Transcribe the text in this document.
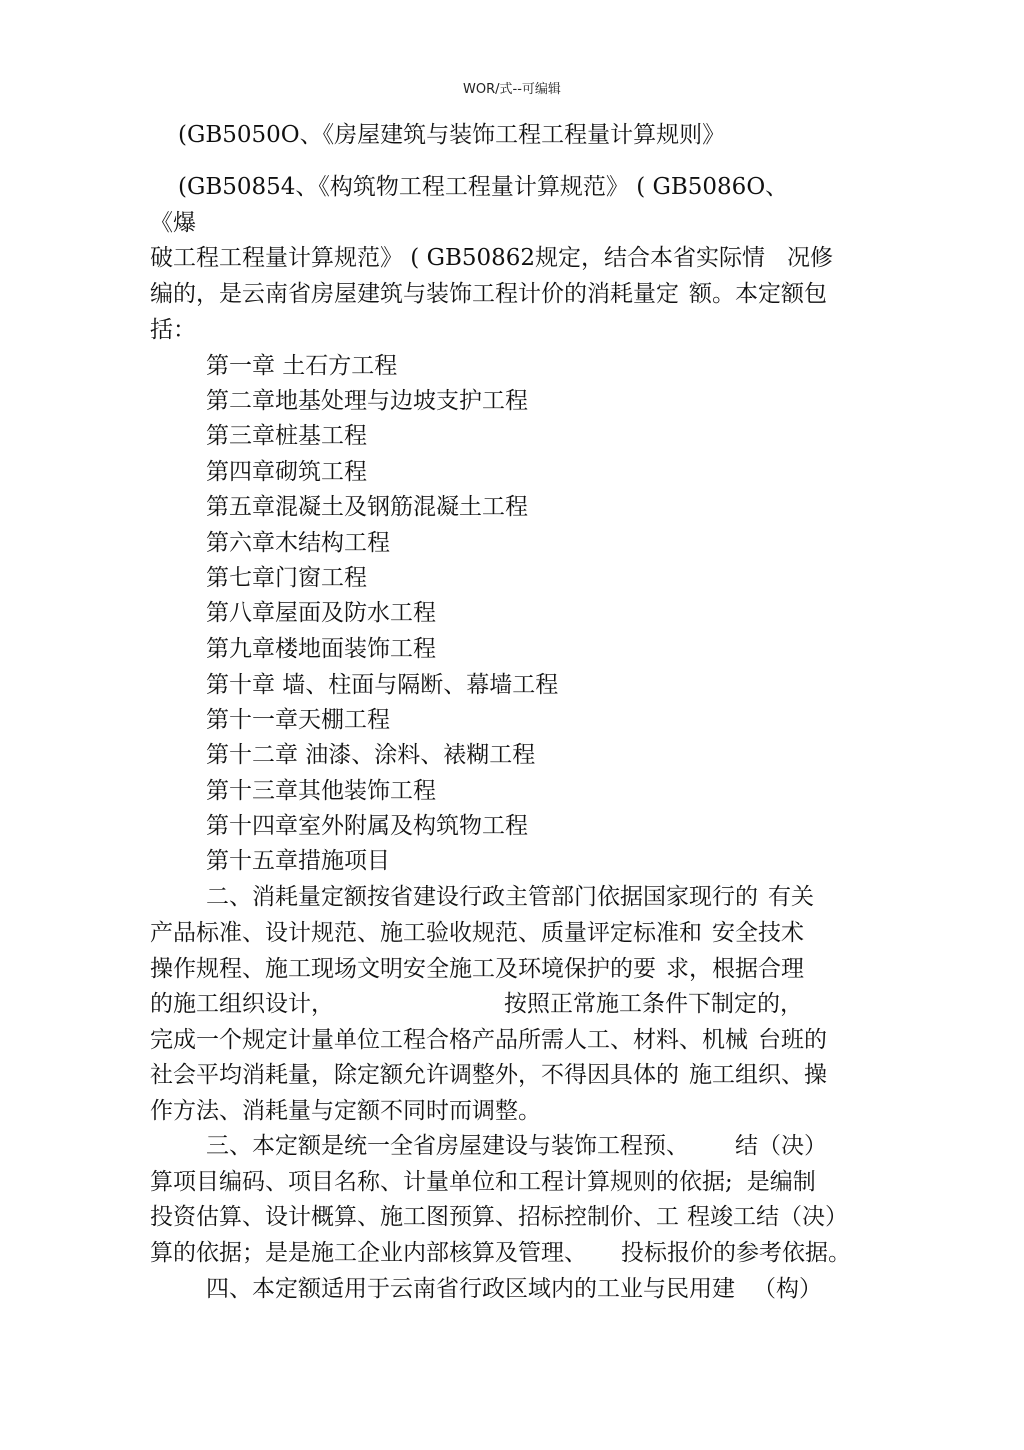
WOR/式--可编辑
(GB5050O、《房屋建筑与装饰工程工程量计算规则》
(GB50854、《构筑物工程工程量计算规范》 ( GB5086O、
《爆
破工程工程量计算规范》 ( GB50862规定，结合本省实际情 况修
编的，是云南省房屋建筑与装饰工程计价的消耗量定 额。本定额包
括：
第一章 土石方工程
第二章地基处理与边坡支护工程
第三章桩基工程
第四章砌筑工程
第五章混凝土及钢筋混凝土工程
第六章木结构工程
第七章门窗工程
第八章屋面及防水工程
第九章楼地面装饰工程
第十章 墙、柱面与隔断、幕墙工程
第十一章天棚工程
第十二章 油漆、涂料、裱糊工程
第十三章其他装饰工程
第十四章室外附属及构筑物工程
第十五章措施项目
二、消耗量定额按省建设行政主管部门依据国家现行的 有关
产品标准、设计规范、施工验收规范、质量评定标准和 安全技术
操作规程、施工现场文明安全施工及环境保护的要 求，根据合理
的施工组织设计，	按照正常施工条件下制定的，
完成一个规定计量单位工程合格产品所需人工、材料、机械 台班的
社会平均消耗量，除定额允许调整外，不得因具体的 施工组织、操
作方法、消耗量与定额不同时而调整。
三、本定额是统一全省房屋建设与装饰工程预、 结（决）
算项目编码、项目名称、计量单位和工程计算规则的依据; 是编制
投资估算、设计概算、施工图预算、招标控制价、工 程竣工结（决）
算的依据；是是施工企业内部核算及管理、 投标报价的参考依据。
四、本定额适用于云南省行政区域内的工业与民用建 （构）
